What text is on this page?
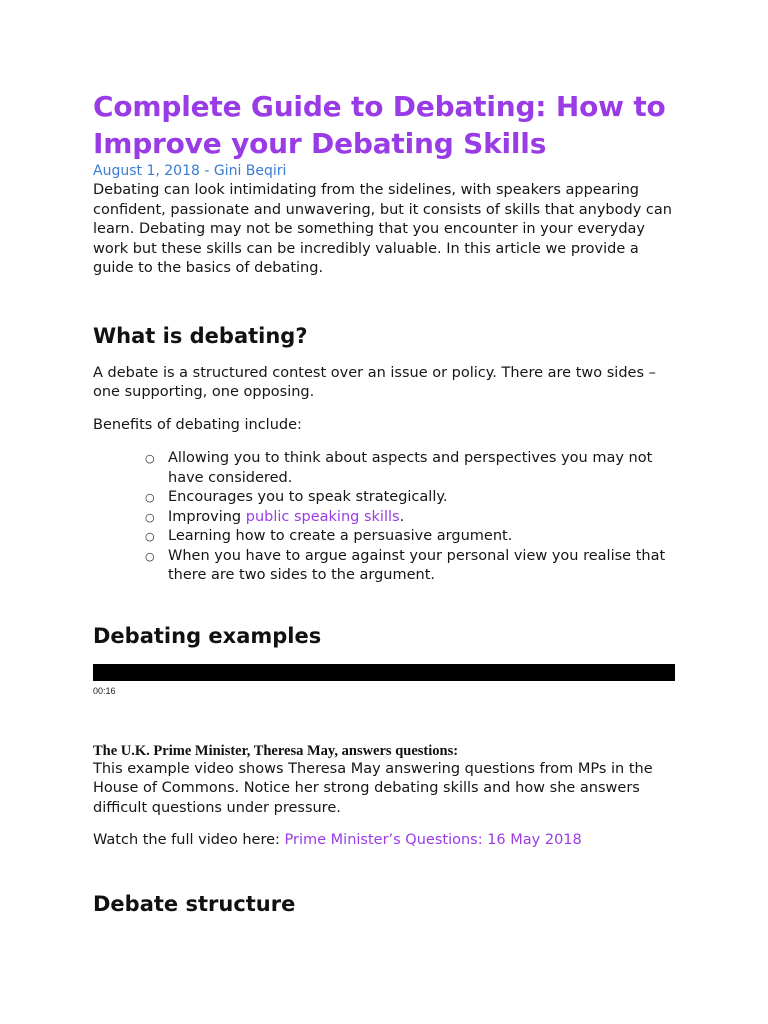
Complete Guide to Debating: How to Improve your Debating Skills

August 1, 2018 - Gini Beqiri

Debating can look intimidating from the sidelines, with speakers appearing confident, passionate and unwavering, but it consists of skills that anybody can learn. Debating may not be something that you encounter in your everyday work but these skills can be incredibly valuable. In this article we provide a guide to the basics of debating.

What is debating?

A debate is a structured contest over an issue or policy. There are two sides – one supporting, one opposing.

Benefits of debating include:

○ Allowing you to think about aspects and perspectives you may not have considered.
○ Encourages you to speak strategically.
○ Improving public speaking skills.
○ Learning how to create a persuasive argument.
○ When you have to argue against your personal view you realise that there are two sides to the argument.
Debating examples

00:16

The U.K. Prime Minister, Theresa May, answers questions:

This example video shows Theresa May answering questions from MPs in the House of Commons. Notice her strong debating skills and how she answers difficult questions under pressure.

Watch the full video here: Prime Minister’s Questions: 16 May 2018

Debate structure
